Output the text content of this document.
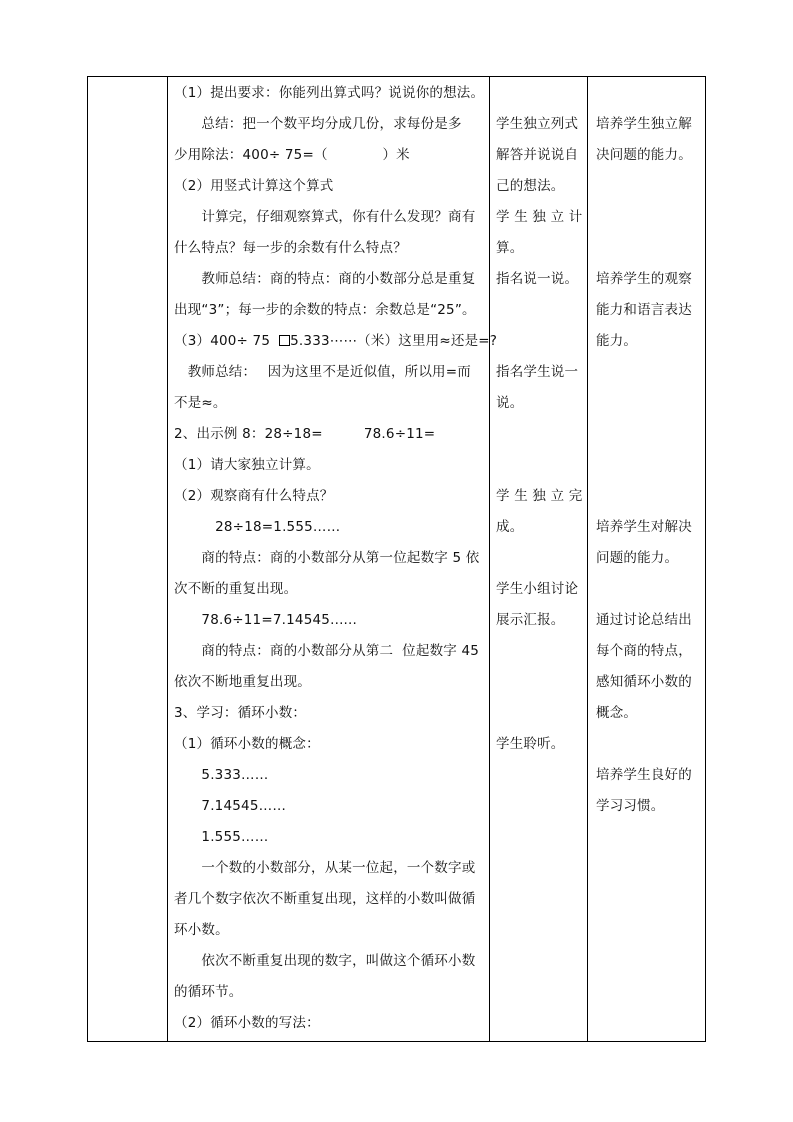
（1）提出要求：你能列出算式吗？说说你的想法。
　　总结：把一个数平均分成几份，求每份是多
少用除法：400÷ 75=（　　　　）米
（2）用竖式计算这个算式
　　计算完，仔细观察算式，你有什么发现？商有
什么特点？每一步的余数有什么特点？
　　教师总结：商的特点：商的小数部分总是重复
出现“3”；每一步的余数的特点：余数总是“25”。
（3）400÷ 75  5.333⋯⋯（米）这里用≈还是=?
　教师总结：　 因为这里不是近似值，所以用=而
不是≈。
2、出示例 8：28÷18=　　　78.6÷11=
（1）请大家独立计算。
（2）观察商有什么特点？
　　　28÷18=1.555……
　　商的特点：商的小数部分从第一位起数字 5 依
次不断的重复出现。
　　78.6÷11=7.14545......
　　商的特点：商的小数部分从第二  位起数字 45
依次不断地重复出现。
3、学习：循环小数：
（1）循环小数的概念：
　　5.333……
　　7.14545……
　　1.555……
　　一个数的小数部分，从某一位起，一个数字或
者几个数字依次不断重复出现，这样的小数叫做循
环小数。
　　依次不断重复出现的数字，叫做这个循环小数
的循环节。
（2）循环小数的写法：
学生独立列式
解答并说说自
己的想法。
学 生 独 立 计
算。
指名说一说。
指名学生说一
说。
学 生 独 立 完
成。
学生小组讨论
展示汇报。
学生聆听。
培养学生独立解
决问题的能力。
培养学生的观察
能力和语言表达
能力。
培养学生对解决
问题的能力。
通过讨论总结出
每个商的特点，
感知循环小数的
概念。
培养学生良好的
学习习惯。
